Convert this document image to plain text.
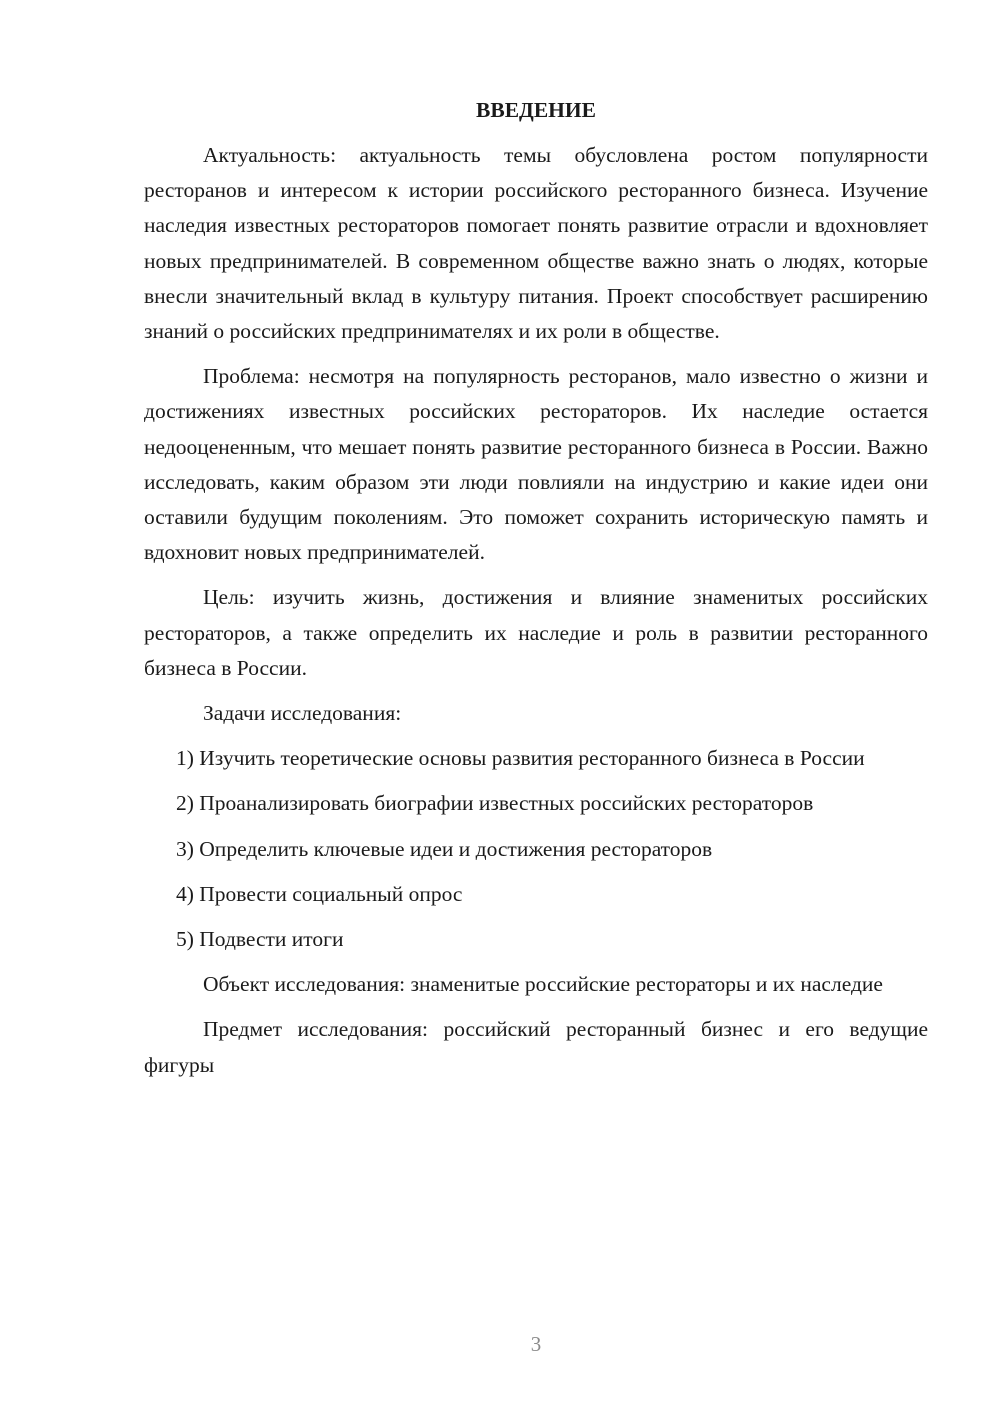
ВВЕДЕНИЕ

Актуальность: актуальность темы обусловлена ростом популярности ресторанов и интересом к истории российского ресторанного бизнеса. Изучение наследия известных рестораторов помогает понять развитие отрасли и вдохновляет новых предпринимателей. В современном обществе важно знать о людях, которые внесли значительный вклад в культуру питания. Проект способствует расширению знаний о российских предпринимателях и их роли в обществе.

Проблема: несмотря на популярность ресторанов, мало известно о жизни и достижениях известных российских рестораторов. Их наследие остается недооцененным, что мешает понять развитие ресторанного бизнеса в России. Важно исследовать, каким образом эти люди повлияли на индустрию и какие идеи они оставили будущим поколениям. Это поможет сохранить историческую память и вдохновит новых предпринимателей.

Цель: изучить жизнь, достижения и влияние знаменитых российских рестораторов, а также определить их наследие и роль в развитии ресторанного бизнеса в России.

Задачи исследования:

1) Изучить теоретические основы развития ресторанного бизнеса в России
2) Проанализировать биографии известных российских рестораторов
3) Определить ключевые идеи и достижения рестораторов
4) Провести социальный опрос
5) Подвести итоги

Объект исследования: знаменитые российские рестораторы и их наследие

Предмет исследования: российский ресторанный бизнес и его ведущие фигуры

3
